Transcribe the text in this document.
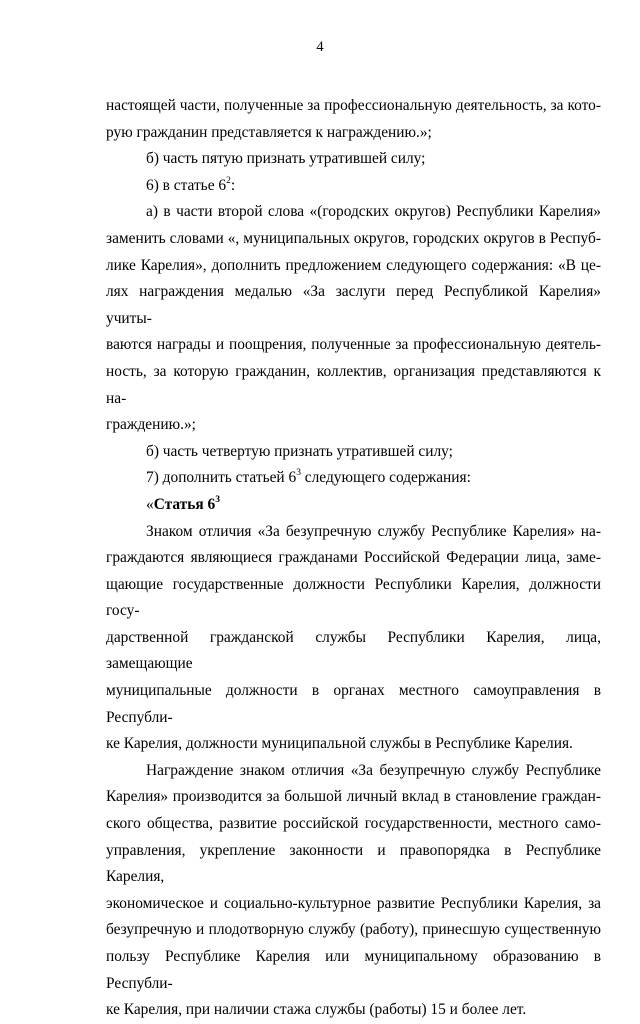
4

настоящей части, полученные за профессиональную деятельность, за кото-
рую гражданин представляется к награждению.»;

б) часть пятую признать утратившей силу;

6) в статье $6^2$:

а) в части второй слова «(городских округов) Республики Карелия»
заменить словами «, муниципальных округов, городских округов в Респуб-
лике Карелия», дополнить предложением следующего содержания: «В це-
лях награждения медалью «За заслуги перед Республикой Карелия» учиты-
ваются награды и поощрения, полученные за профессиональную деятель-
ность, за которую гражданин, коллектив, организация представляются к на-
граждению.»;

б) часть четвертую признать утратившей силу;

7) дополнить статьей $6^3$ следующего содержания:

«Статья $6^3$

Знаком отличия «За безупречную службу Республике Карелия» на-
граждаются являющиеся гражданами Российской Федерации лица, заме-
щающие государственные должности Республики Карелия, должности госу-
дарственной гражданской службы Республики Карелия, лица, замещающие
муниципальные должности в органах местного самоуправления в Республи-
ке Карелия, должности муниципальной службы в Республике Карелия.

Награждение знаком отличия «За безупречную службу Республике
Карелия» производится за большой личный вклад в становление граждан-
ского общества, развитие российской государственности, местного само-
управления, укрепление законности и правопорядка в Республике Карелия,
экономическое и социально-культурное развитие Республики Карелия, за
безупречную и плодотворную службу (работу), принесшую существенную
пользу Республике Карелия или муниципальному образованию в Республи-
ке Карелия, при наличии стажа службы (работы) 15 и более лет.
